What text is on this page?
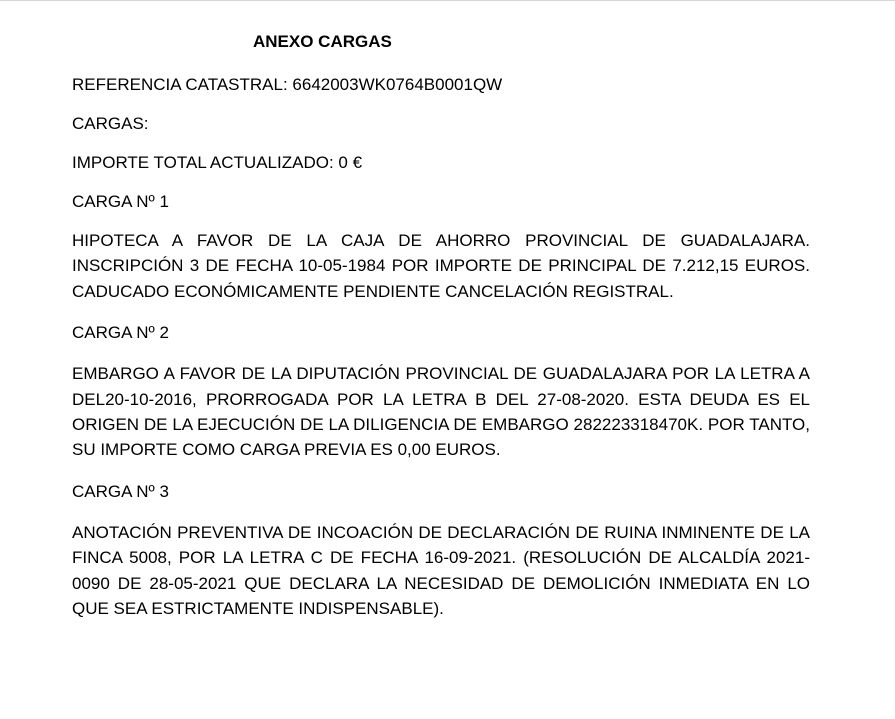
ANEXO CARGAS

REFERENCIA CATASTRAL: 6642003WK0764B0001QW

CARGAS:

IMPORTE TOTAL ACTUALIZADO: 0 €

CARGA Nº 1

HIPOTECA A FAVOR DE LA CAJA DE AHORRO PROVINCIAL DE GUADALAJARA. INSCRIPCIÓN 3 DE FECHA 10-05-1984 POR IMPORTE DE PRINCIPAL DE 7.212,15 EUROS. CADUCADO ECONÓMICAMENTE PENDIENTE CANCELACIÓN REGISTRAL.

CARGA Nº 2

EMBARGO A FAVOR DE LA DIPUTACIÓN PROVINCIAL DE GUADALAJARA POR LA LETRA A DEL20-10-2016, PRORROGADA POR LA LETRA B DEL 27-08-2020. ESTA DEUDA ES EL ORIGEN DE LA EJECUCIÓN DE LA DILIGENCIA DE EMBARGO 282223318470K. POR TANTO, SU IMPORTE COMO CARGA PREVIA ES 0,00 EUROS.

CARGA Nº 3

ANOTACIÓN PREVENTIVA DE INCOACIÓN DE DECLARACIÓN DE RUINA INMINENTE DE LA FINCA 5008, POR LA LETRA C DE FECHA 16-09-2021. (RESOLUCIÓN DE ALCALDÍA 2021-0090 DE 28-05-2021 QUE DECLARA LA NECESIDAD DE DEMOLICIÓN INMEDIATA EN LO QUE SEA ESTRICTAMENTE INDISPENSABLE).
